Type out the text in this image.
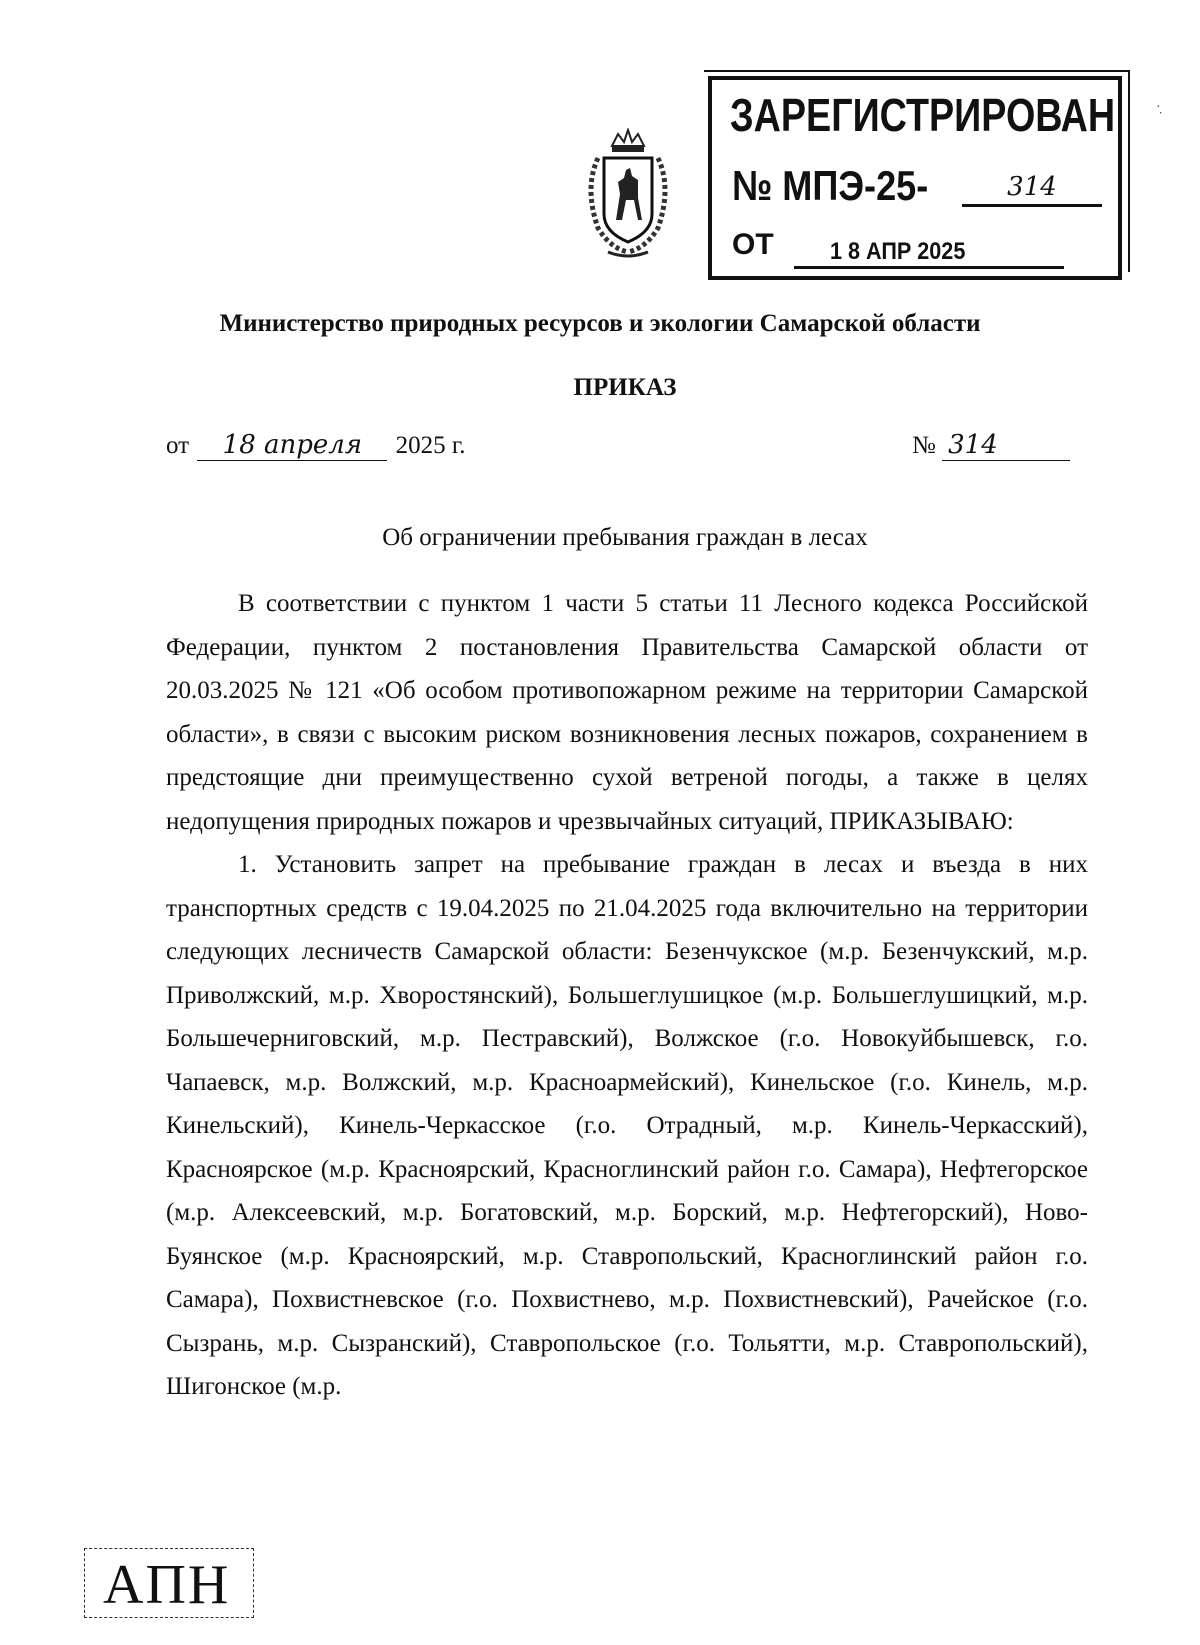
ЗАРЕГИСТРИРОВАН
№ МПЭ-25-	314
ОТ	1 8 АПР 2025
·̣
Министерство природных ресурсов и экологии Самарской области
ПРИКАЗ
от 18 апреля 2025 г.	№ 314
Об ограничении пребывания граждан в лесах

В соответствии с пунктом 1 части 5 статьи 11 Лесного кодекса Российской Федерации, пунктом 2 постановления Правительства Самарской области от 20.03.2025 № 121 «Об особом противопожарном режиме на территории Самарской области», в связи с высоким риском возникновения лесных пожаров, сохранением в предстоящие дни преимущественно сухой ветреной погоды, а также в целях недопущения природных пожаров и чрезвычайных ситуаций, ПРИКАЗЫВАЮ:

1. Установить запрет на пребывание граждан в лесах и въезда в них транспортных средств с 19.04.2025 по 21.04.2025 года включительно на территории следующих лесничеств Самарской области: Безенчукское (м.р. Безенчукский, м.р. Приволжский, м.р. Хворостянский), Большеглушицкое (м.р. Большеглушицкий, м.р. Большечерниговский, м.р. Пестравский), Волжское (г.о. Новокуйбышевск, г.о. Чапаевск, м.р. Волжский, м.р. Красноармейский), Кинельское (г.о. Кинель, м.р. Кинельский), Кинель-Черкасское (г.о. Отрадный, м.р. Кинель-Черкасский), Красноярское (м.р. Красноярский, Красноглинский район г.о. Самара), Нефтегорское (м.р. Алексеевский, м.р. Богатовский, м.р. Борский, м.р. Нефтегорский), Ново-Буянское (м.р. Красноярский, м.р. Ставропольский, Красноглинский район г.о. Самара), Похвистневское (г.о. Похвистнево, м.р. Похвистневский), Рачейское (г.о. Сызрань, м.р. Сызранский), Ставропольское (г.о. Тольятти, м.р. Ставропольский), Шигонское (м.р.

АПН
